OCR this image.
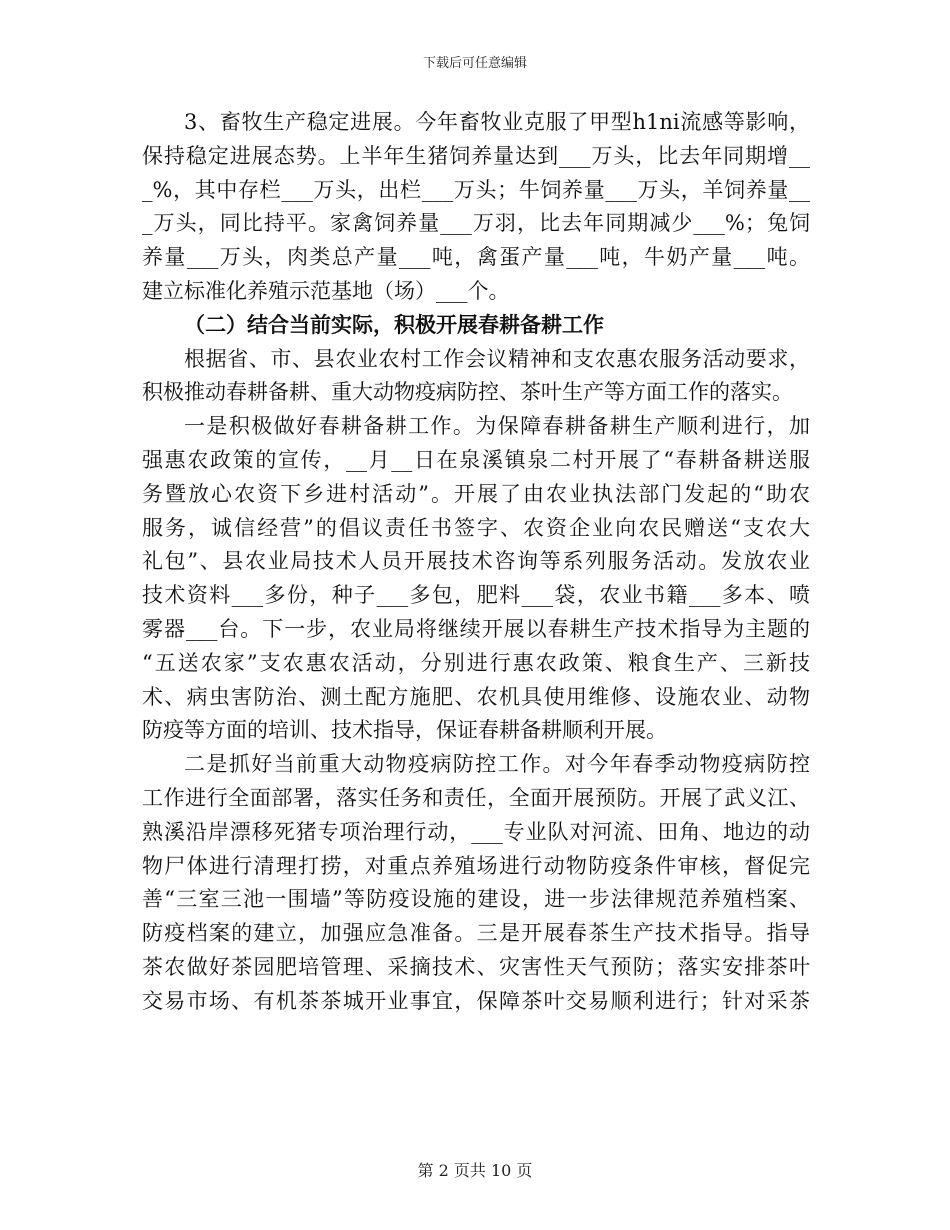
下载后可任意编辑
3、畜牧生产稳定进展。今年畜牧业克服了甲型h1ni流感等影响，
保持稳定进展态势。上半年生猪饲养量达到___万头，比去年同期增__
_%，其中存栏___万头，出栏___万头；牛饲养量___万头，羊饲养量__
_万头，同比持平。家禽饲养量___万羽，比去年同期减少___%；兔饲
养量___万头，肉类总产量___吨，禽蛋产量___吨，牛奶产量___吨。
建立标准化养殖示范基地（场）___个。
（二）结合当前实际，积极开展春耕备耕工作
根据省、市、县农业农村工作会议精神和支农惠农服务活动要求，
积极推动春耕备耕、重大动物疫病防控、茶叶生产等方面工作的落实。
一是积极做好春耕备耕工作。为保障春耕备耕生产顺利进行，加
强惠农政策的宣传，__月__日在泉溪镇泉二村开展了“春耕备耕送服
务暨放心农资下乡进村活动”。开展了由农业执法部门发起的“助农
服务，诚信经营”的倡议责任书签字、农资企业向农民赠送“支农大
礼包”、县农业局技术人员开展技术咨询等系列服务活动。发放农业
技术资料___多份，种子___多包，肥料___袋，农业书籍___多本、喷
雾器___台。下一步，农业局将继续开展以春耕生产技术指导为主题的
“五送农家”支农惠农活动，分别进行惠农政策、粮食生产、三新技
术、病虫害防治、测土配方施肥、农机具使用维修、设施农业、动物
防疫等方面的培训、技术指导，保证春耕备耕顺利开展。
二是抓好当前重大动物疫病防控工作。对今年春季动物疫病防控
工作进行全面部署，落实任务和责任，全面开展预防。开展了武义江、
熟溪沿岸漂移死猪专项治理行动，___专业队对河流、田角、地边的动
物尸体进行清理打捞，对重点养殖场进行动物防疫条件审核，督促完
善“三室三池一围墙”等防疫设施的建设，进一步法律规范养殖档案、
防疫档案的建立，加强应急准备。三是开展春茶生产技术指导。指导
茶农做好茶园肥培管理、采摘技术、灾害性天气预防；落实安排茶叶
交易市场、有机茶茶城开业事宜，保障茶叶交易顺利进行；针对采茶
第 2 页共 10 页
